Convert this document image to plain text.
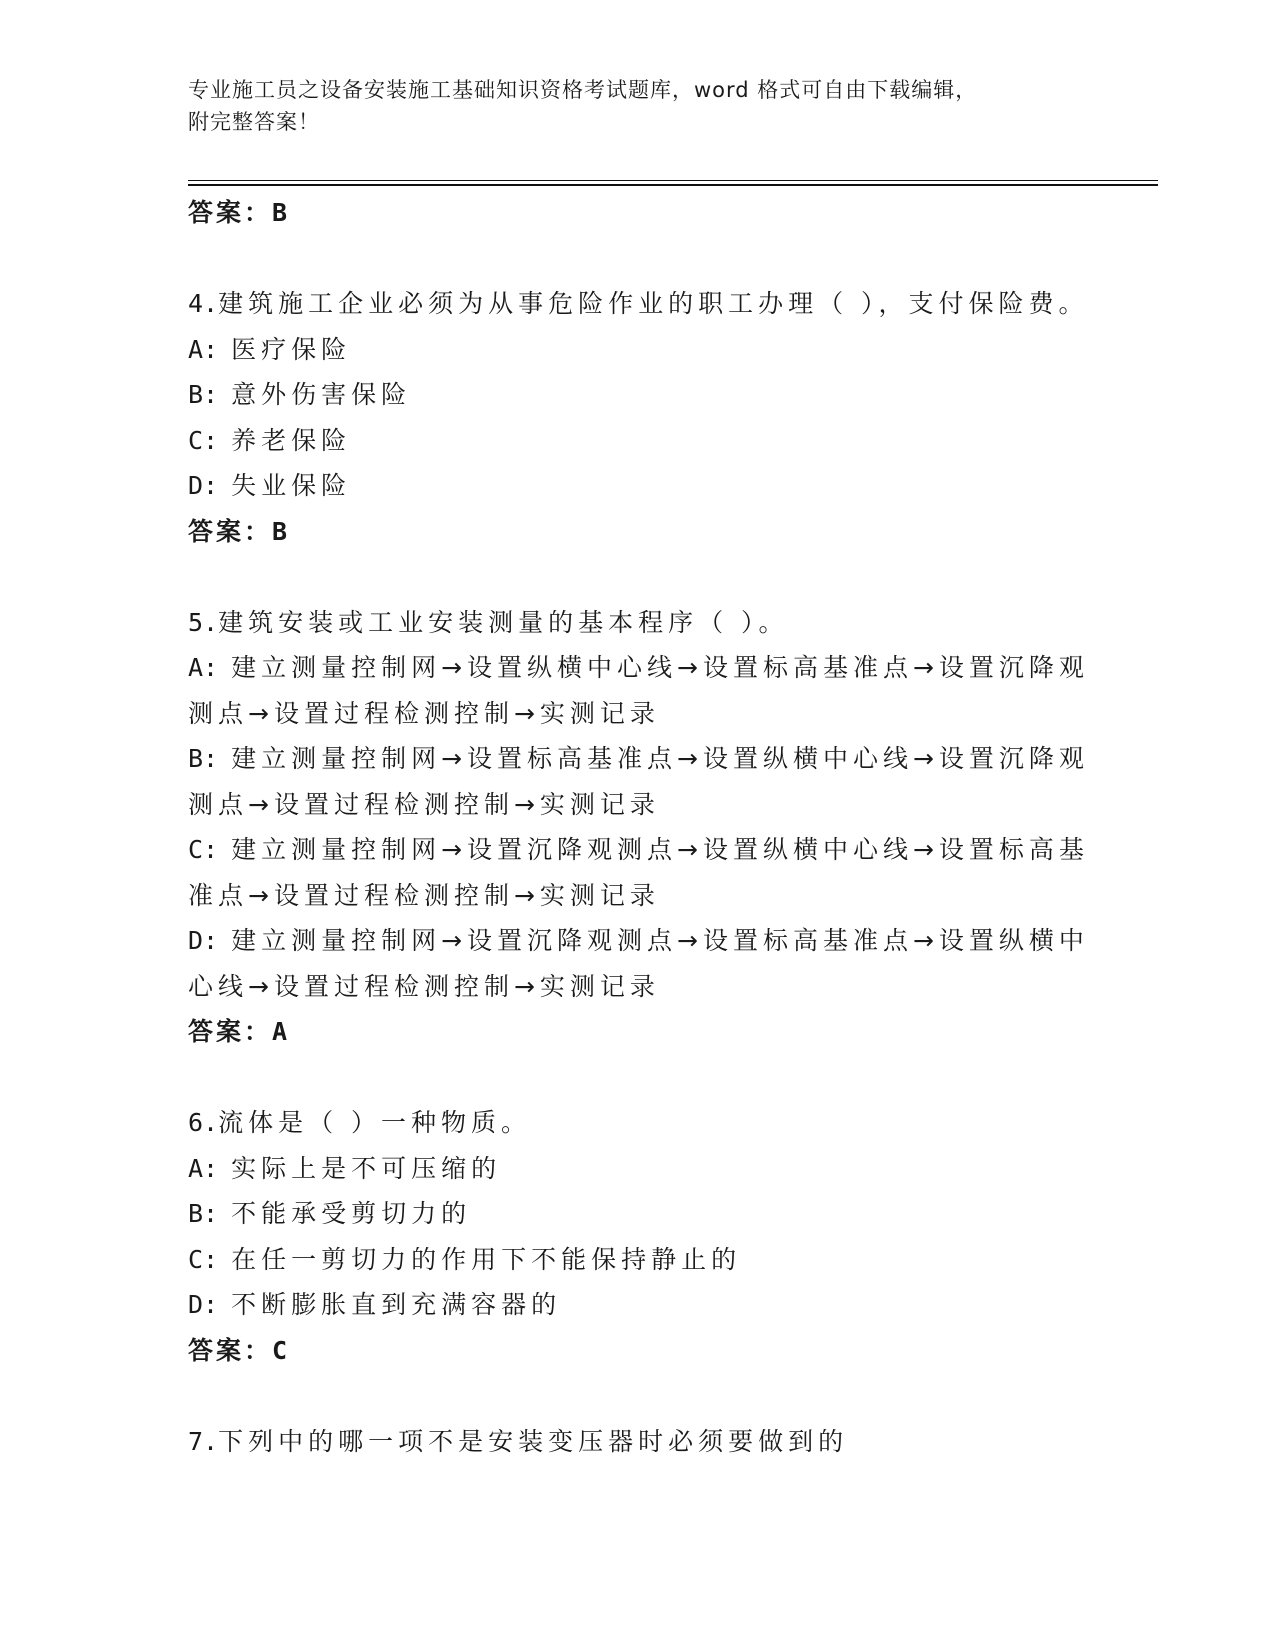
专业施工员之设备安装施工基础知识资格考试题库，word 格式可自由下载编辑，
附完整答案！
答案：B
4.建筑施工企业必须为从事危险作业的职工办理（ ），支付保险费。
A: 医疗保险
B: 意外伤害保险
C: 养老保险
D: 失业保险
答案：B
5.建筑安装或工业安装测量的基本程序（ ）。
A: 建立测量控制网→设置纵横中心线→设置标高基准点→设置沉降观
测点→设置过程检测控制→实测记录
B: 建立测量控制网→设置标高基准点→设置纵横中心线→设置沉降观
测点→设置过程检测控制→实测记录
C: 建立测量控制网→设置沉降观测点→设置纵横中心线→设置标高基
准点→设置过程检测控制→实测记录
D: 建立测量控制网→设置沉降观测点→设置标高基准点→设置纵横中
心线→设置过程检测控制→实测记录
答案：A
6.流体是（ ）一种物质。
A: 实际上是不可压缩的
B: 不能承受剪切力的
C: 在任一剪切力的作用下不能保持静止的
D: 不断膨胀直到充满容器的
答案：C
7.下列中的哪一项不是安装变压器时必须要做到的
